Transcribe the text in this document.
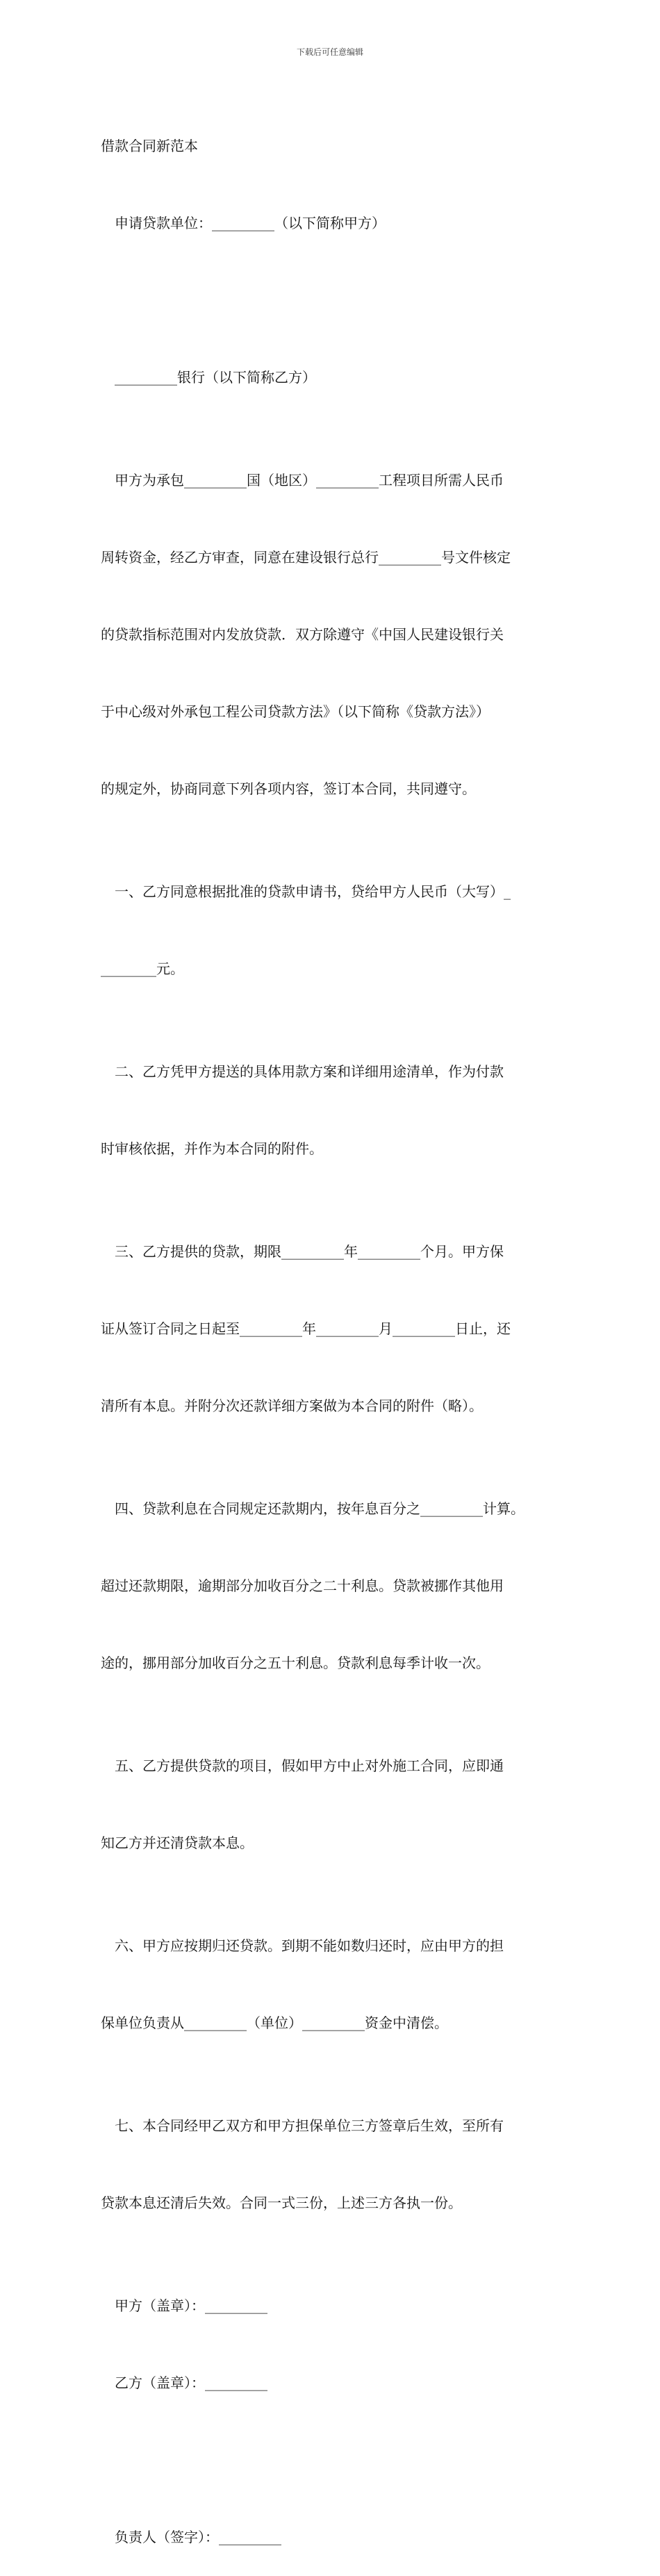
下载后可任意编辑

借款合同新范本

申请贷款单位：_________（以下简称甲方）

_________银行（以下简称乙方）

甲方为承包_________国（地区）_________工程项目所需人民币

周转资金，经乙方审查，同意在建设银行总行_________号文件核定

的贷款指标范围对内发放贷款．双方除遵守《中国人民建设银行关

于中心级对外承包工程公司贷款方法》（以下简称《贷款方法》）

的规定外，协商同意下列各项内容，签订本合同，共同遵守。

一、乙方同意根据批准的贷款申请书，贷给甲方人民币（大写）_

________元。

二、乙方凭甲方提送的具体用款方案和详细用途清单，作为付款

时审核依据，并作为本合同的附件。

三、乙方提供的贷款，期限_________年_________个月。甲方保

证从签订合同之日起至_________年_________月_________日止，还

清所有本息。并附分次还款详细方案做为本合同的附件（略）。

四、贷款利息在合同规定还款期内，按年息百分之_________计算。

超过还款期限，逾期部分加收百分之二十利息。贷款被挪作其他用

途的，挪用部分加收百分之五十利息。贷款利息每季计收一次。

五、乙方提供贷款的项目，假如甲方中止对外施工合同，应即通

知乙方并还清贷款本息。

六、甲方应按期归还贷款。到期不能如数归还时，应由甲方的担

保单位负责从_________（单位）_________资金中清偿。

七、本合同经甲乙双方和甲方担保单位三方签章后生效，至所有

贷款本息还清后失效。合同一式三份，上述三方各执一份。

甲方（盖章）：_________

乙方（盖章）：_________

负责人（签字）：_________
